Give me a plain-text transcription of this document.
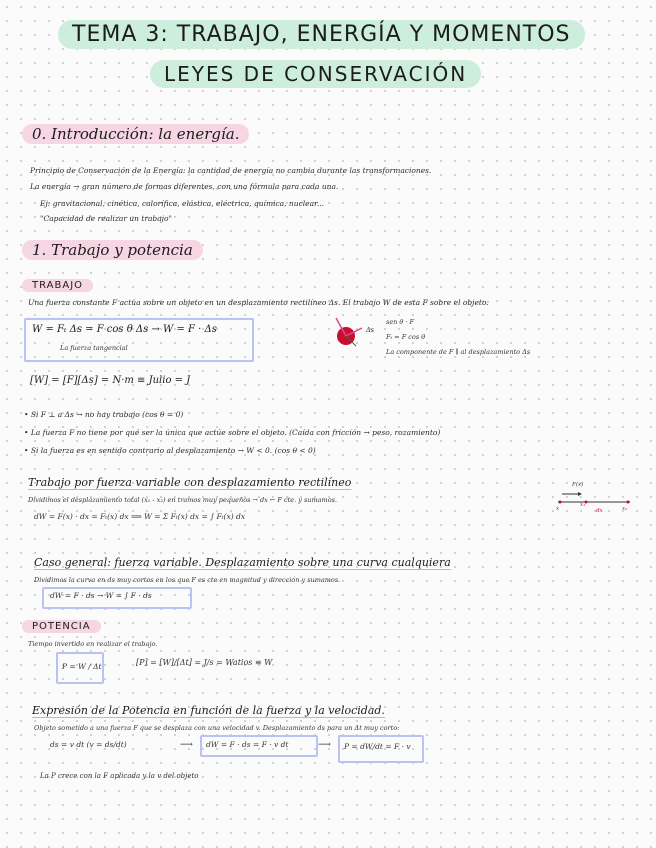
TEMA 3: TRABAJO, ENERGÍA Y MOMENTOS
LEYES DE CONSERVACIÓN
0. Introducción: la energía.
Principio de Conservación de la Energía: la cantidad de energía no cambia durante las transformaciones.
La energía → gran número de formas diferentes, con una fórmula para cada una.
Ej: gravitacional, cinética, calorífica, elástica, eléctrica, química, nuclear...
"Capacidad de realizar un trabajo"
1. Trabajo y potencia
TRABAJO
Una fuerza constante F actúa sobre un objeto en un desplazamiento rectilíneo Δs. El trabajo W de esta F sobre el objeto:
W = Fₜ Δs = F cos θ Δs → W = F · Δs
La fuerza tangencial
Δs
sen θ · F
Fₜ = F cos θ
La componente de F ∥ al desplazamiento Δs
[W] = [F][Δs] = N·m ≡ Julio = J
• Si F ⊥ a Δs → no hay trabajo (cos θ = 0)
• La fuerza F no tiene por qué ser la única que actúe sobre el objeto. (Caída con fricción → peso, rozamiento)
• Si la fuerza es en sentido contrario al desplazamiento → W < 0. (cos θ < 0)
Trabajo por fuerza variable con desplazamiento rectilíneo
Dividimos el desplazamiento total (x₁ - x₂) en tramos muy pequeños → dx ← F cte. y sumamos.
dW = F(x) · dx = Fₜ(x) dx ⟹ W = Σ Fₜ(x) dx = ∫ Fₜ(x) dx
F(x)
x
x₁
dx	x₂
Caso general: fuerza variable. Desplazamiento sobre una curva cualquiera
Dividimos la curva en ds muy cortos en los que F es cte en magnitud y dirección y sumamos.
dW = F · ds → W = ∫ F · ds
POTENCIA
Tiempo invertido en realizar el trabajo.
P = W / Δt	[P] = [W]/[Δt] = J/s = Watios ≡ W
Expresión de la Potencia en función de la fuerza y la velocidad.
Objeto sometido a una fuerza F que se desplaza con una velocidad v. Desplazamiento ds para un Δt muy corto:
ds = v dt (v = ds/dt)	⟶ dW = F · ds = F · v dt	⟶ P = dW/dt = F · v
La P crece con la F aplicada y la v del objeto
